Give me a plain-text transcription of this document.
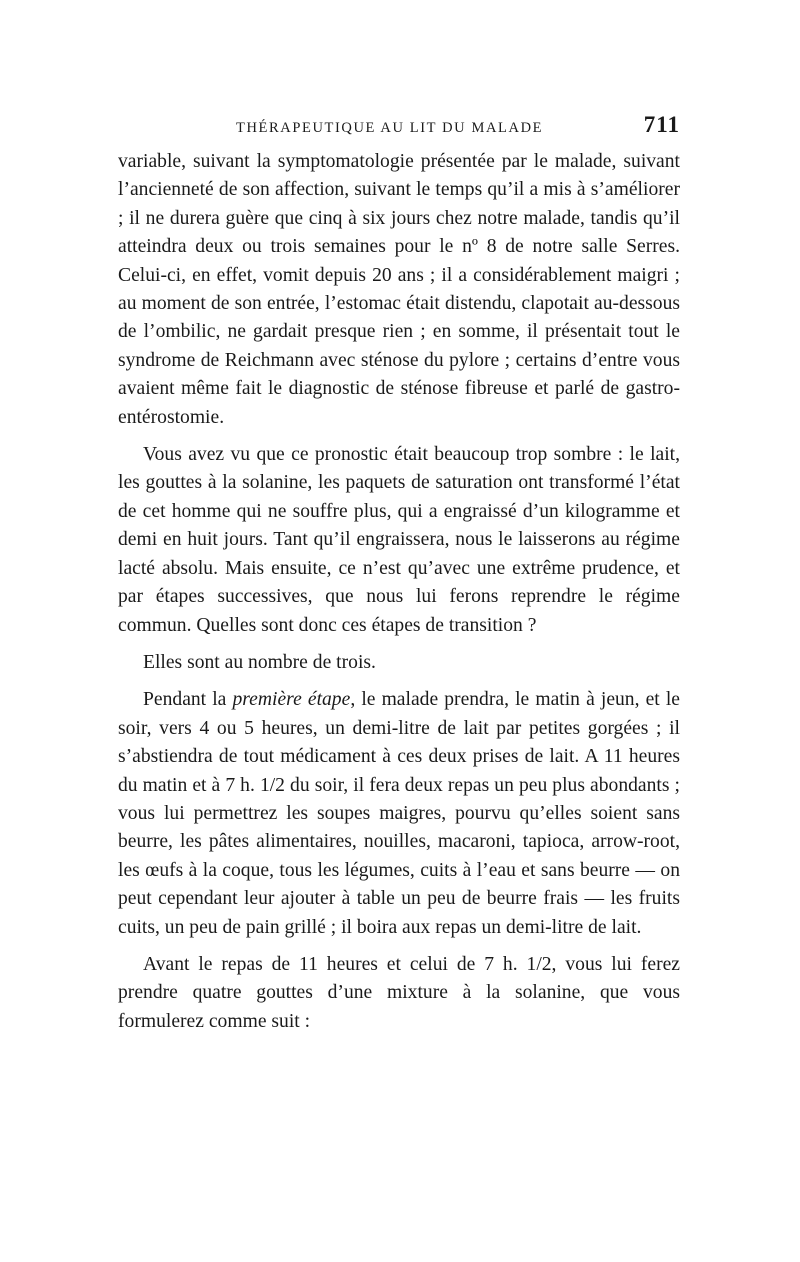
THÉRAPEUTIQUE AU LIT DU MALADE	711

variable, suivant la symptomatologie présentée par le malade, suivant l’ancienneté de son affection, suivant le temps qu’il a mis à s’améliorer ; il ne durera guère que cinq à six jours chez notre malade, tandis qu’il atteindra deux ou trois semaines pour le nº 8 de notre salle Serres. Celui-ci, en effet, vomit depuis 20 ans ; il a considérablement maigri ; au moment de son entrée, l’estomac était distendu, clapotait au-dessous de l’ombilic, ne gardait presque rien ; en somme, il présentait tout le syndrome de Reichmann avec sténose du pylore ; certains d’entre vous avaient même fait le diagnostic de sténose fibreuse et parlé de gastro-entérostomie.

Vous avez vu que ce pronostic était beaucoup trop sombre : le lait, les gouttes à la solanine, les paquets de saturation ont transformé l’état de cet homme qui ne souffre plus, qui a engraissé d’un kilogramme et demi en huit jours. Tant qu’il engraissera, nous le laisserons au régime lacté absolu. Mais ensuite, ce n’est qu’avec une extrême prudence, et par étapes successives, que nous lui ferons reprendre le régime commun. Quelles sont donc ces étapes de transition ?

Elles sont au nombre de trois.

Pendant la première étape, le malade prendra, le matin à jeun, et le soir, vers 4 ou 5 heures, un demi-litre de lait par petites gorgées ; il s’abstiendra de tout médicament à ces deux prises de lait. A 11 heures du matin et à 7 h. 1/2 du soir, il fera deux repas un peu plus abondants ; vous lui permettrez les soupes maigres, pourvu qu’elles soient sans beurre, les pâtes alimentaires, nouilles, macaroni, tapioca, arrow-root, les œufs à la coque, tous les légumes, cuits à l’eau et sans beurre — on peut cependant leur ajouter à table un peu de beurre frais — les fruits cuits, un peu de pain grillé ; il boira aux repas un demi-litre de lait.

Avant le repas de 11 heures et celui de 7 h. 1/2, vous lui ferez prendre quatre gouttes d’une mixture à la solanine, que vous formulerez comme suit :
